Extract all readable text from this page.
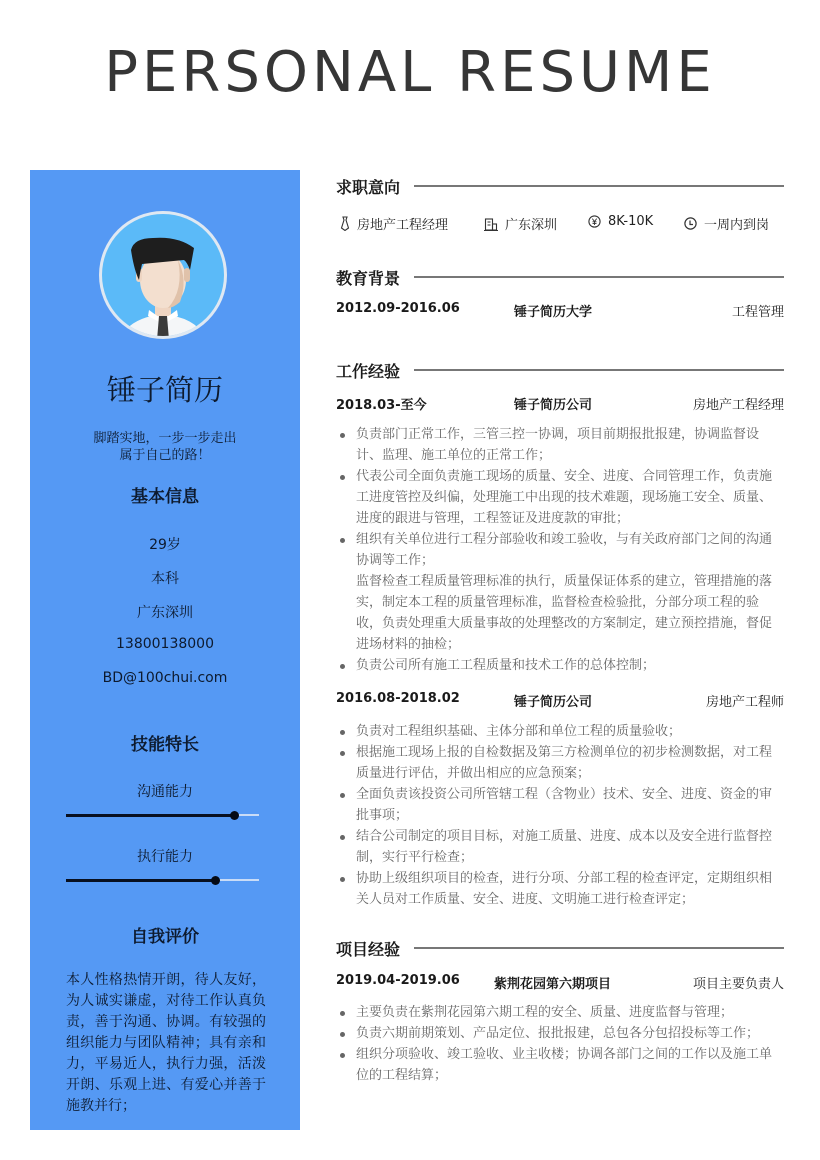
PERSONAL RESUME
锤子简历
脚踏实地，一步一步走出属于自己的路！
基本信息
29岁
本科
广东深圳
13800138000
BD@100chui.com
技能特长
沟通能力
执行能力
自我评价
本人性格热情开朗，待人友好，为人诚实谦虚，对待工作认真负责，善于沟通、协调。有较强的组织能力与团队精神；具有亲和力，平易近人，执行力强，活泼开朗、乐观上进、有爱心并善于施教并行；
求职意向
房地产工程经理	广东深圳	8K-10K	一周内到岗
教育背景
2012.09-2016.06	锤子简历大学	工程管理
工作经验
2018.03-至今	锤子简历公司	房地产工程经理
负责部门正常工作，三管三控一协调，项目前期报批报建，协调监督设计、监理、施工单位的正常工作；
代表公司全面负责施工现场的质量、安全、进度、合同管理工作，负责施工进度管控及纠偏，处理施工中出现的技术难题，现场施工安全、质量、进度的跟进与管理，工程签证及进度款的审批；
组织有关单位进行工程分部验收和竣工验收，与有关政府部门之间的沟通协调等工作；
监督检查工程质量管理标准的执行，质量保证体系的建立，管理措施的落实，制定本工程的质量管理标准，监督检查检验批，分部分项工程的验收，负责处理重大质量事故的处理整改的方案制定，建立预控措施，督促进场材料的抽检；
负责公司所有施工工程质量和技术工作的总体控制；
2016.08-2018.02	锤子简历公司	房地产工程师
负责对工程组织基础、主体分部和单位工程的质量验收；
根据施工现场上报的自检数据及第三方检测单位的初步检测数据，对工程质量进行评估，并做出相应的应急预案；
全面负责该投资公司所管辖工程（含物业）技术、安全、进度、资金的审批事项；
结合公司制定的项目目标，对施工质量、进度、成本以及安全进行监督控制，实行平行检查；
协助上级组织项目的检查，进行分项、分部工程的检查评定，定期组织相关人员对工作质量、安全、进度、文明施工进行检查评定；
项目经验
2019.04-2019.06	紫荆花园第六期项目	项目主要负责人
主要负责在紫荆花园第六期工程的安全、质量、进度监督与管理；
负责六期前期策划、产品定位、报批报建，总包各分包招投标等工作；
组织分项验收、竣工验收、业主收楼；协调各部门之间的工作以及施工单位的工程结算；
